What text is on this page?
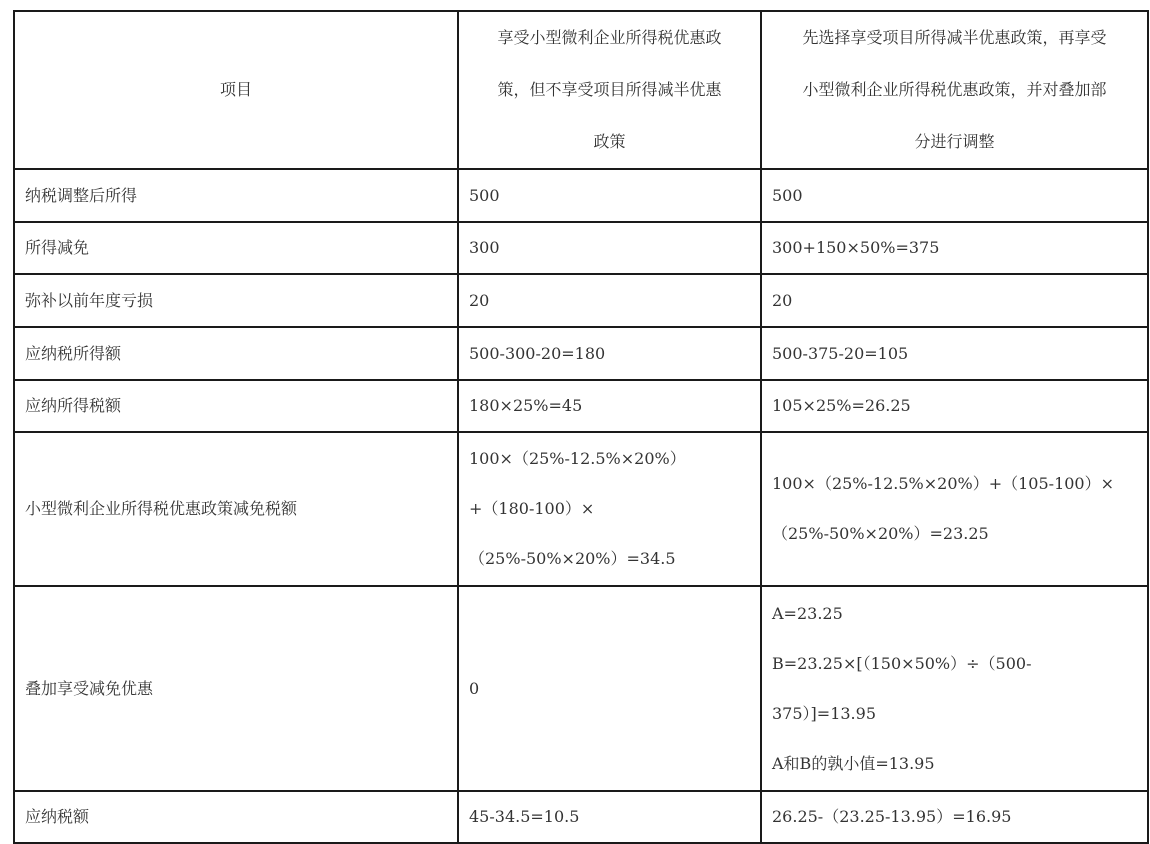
项目	享受小型微利企业所得税优惠政
策，但不享受项目所得减半优惠
政策	先选择享受项目所得减半优惠政策，再享受
小型微利企业所得税优惠政策，并对叠加部
分进行调整

纳税调整后所得	500	500
所得减免	300	300+150×50%=375
弥补以前年度亏损	20	20
应纳税所得额	500-300-20=180	500-375-20=105
应纳所得税额	180×25%=45	105×25%=26.25
小型微利企业所得税优惠政策减免税额	100×（25%-12.5%×20%）
+（180-100）×
（25%-50%×20%）=34.5	100×（25%-12.5%×20%）+（105-100）×
（25%-50%×20%）=23.25

叠加享受减免优惠	0	A=23.25
B=23.25×[（150×50%）÷（500-
375）]=13.95
A和B的孰小值=13.95

应纳税额	45-34.5=10.5	26.25-（23.25-13.95）=16.95
